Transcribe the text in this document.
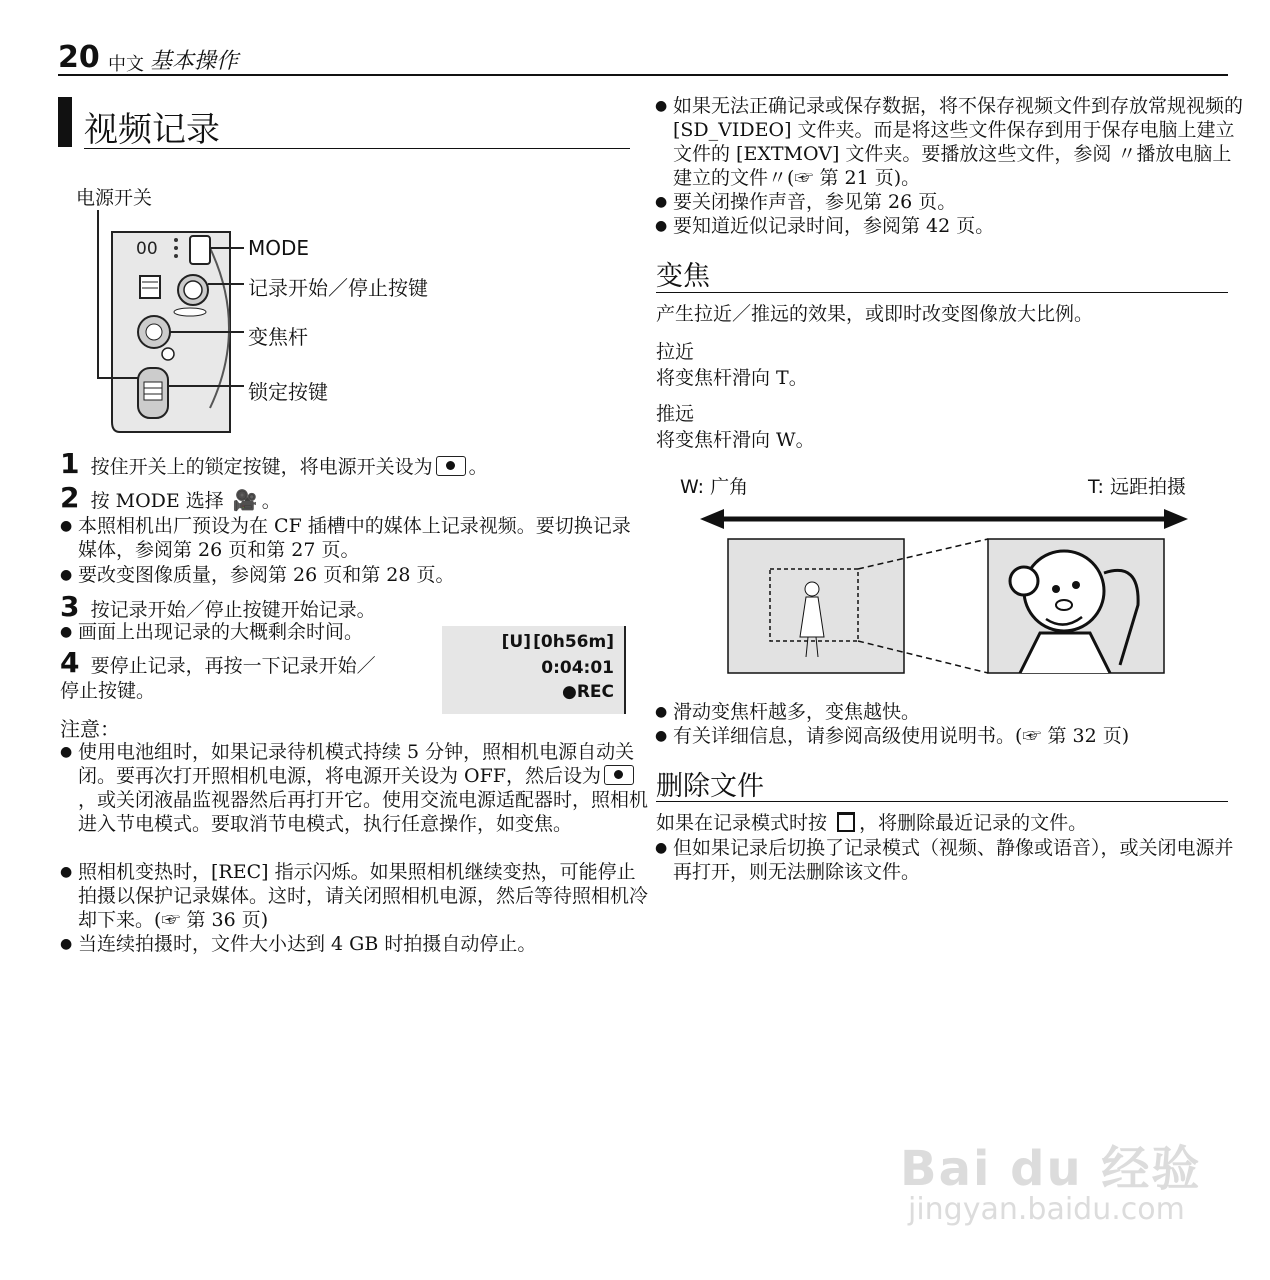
20 中文 基本操作
视频记录
电源开关
00	MODE
记录开始／停止按键
变焦杆
锁定按键
1 按住开关上的锁定按键，将电源开关设为 。
2 按 MODE 选择 🎥 。
● 本照相机出厂预设为在 CF 插槽中的媒体上记录视频。要切换记录媒体，参阅第 26 页和第 27 页。
● 要改变图像质量，参阅第 26 页和第 28 页。
3 按记录开始／停止按键开始记录。
● 画面上出现记录的大概剩余时间。
4 要停止记录，再按一下记录开始／
停止按键。
[U] [0h56m]
0:04:01
●REC
注意：
● 使用电池组时，如果记录待机模式持续 5 分钟，照相机电源自动关闭。要再次打开照相机电源，将电源开关设为 OFF，然后设为，或关闭液晶监视器然后再打开它。使用交流电源适配器时，照相机进入节电模式。要取消节电模式，执行任意操作，如变焦。
● 照相机变热时，[REC] 指示闪烁。如果照相机继续变热，可能停止拍摄以保护记录媒体。这时，请关闭照相机电源，然后等待照相机冷却下来。(☞ 第 36 页)
● 当连续拍摄时，文件大小达到 4 GB 时拍摄自动停止。
● 如果无法正确记录或保存数据，将不保存视频文件到存放常规视频的 [SD_VIDEO] 文件夹。而是将这些文件保存到用于保存电脑上建立文件的 [EXTMOV] 文件夹。要播放这些文件，参阅 〃播放电脑上建立的文件〃(☞ 第 21 页)。
● 要关闭操作声音，参见第 26 页。
● 要知道近似记录时间，参阅第 42 页。
变焦
产生拉近／推远的效果，或即时改变图像放大比例。
拉近
将变焦杆滑向 T。
推远
将变焦杆滑向 W。
W: 广角	T: 远距拍摄
● 滑动变焦杆越多，变焦越快。
● 有关详细信息，请参阅高级使用说明书。(☞ 第 32 页)
删除文件
如果在记录模式时按 ，将删除最近记录的文件。
● 但如果记录后切换了记录模式（视频、静像或语音），或关闭电源并再打开，则无法删除该文件。
Bai du 经验
jingyan.baidu.com
